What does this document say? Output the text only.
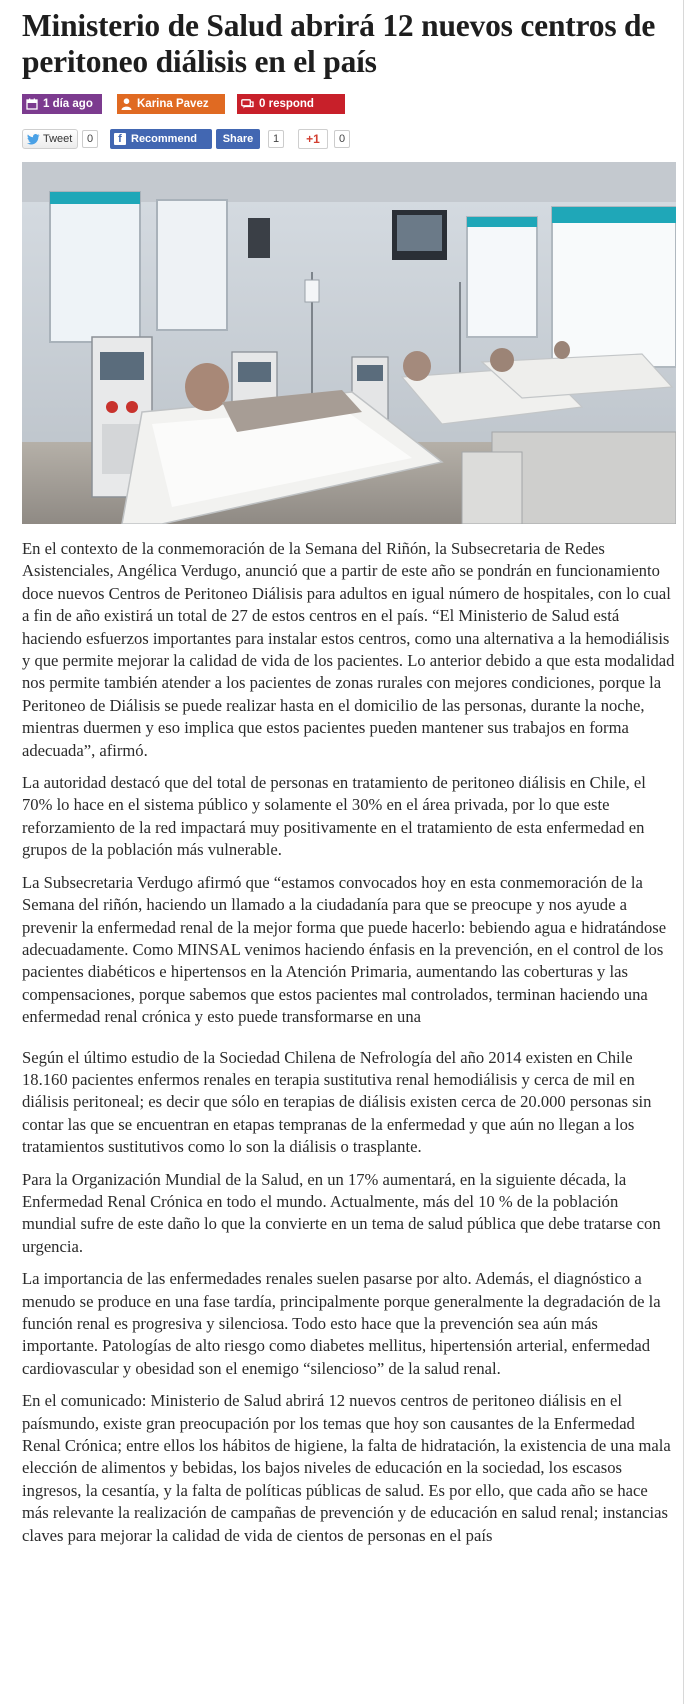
Ministerio de Salud abrirá 12 nuevos centros de peritoneo diálisis en el país
1 día ago	Karina Pavez	0 respond
Tweet	0	f Recommend	Share	1	+1	0

En el contexto de la conmemoración de la Semana del Riñón, la Subsecretaria de Redes Asistenciales, Angélica Verdugo, anunció que a partir de este año se pondrán en funcionamiento doce nuevos Centros de Peritoneo Diálisis para adultos en igual número de hospitales, con lo cual a fin de año existirá un total de 27 de estos centros en el país. “El Ministerio de Salud está haciendo esfuerzos importantes para instalar estos centros, como una alternativa a la hemodiálisis y que permite mejorar la calidad de vida de los pacientes. Lo anterior debido a que esta modalidad nos permite también atender a los pacientes de zonas rurales con mejores condiciones, porque la Peritoneo de Diálisis se puede realizar hasta en el domicilio de las personas, durante la noche, mientras duermen y eso implica que estos pacientes pueden mantener sus trabajos en forma adecuada”, afirmó.

La autoridad destacó que del total de personas en tratamiento de peritoneo diálisis en Chile, el 70% lo hace en el sistema público y solamente el 30% en el área privada, por lo que este reforzamiento de la red impactará muy positivamente en el tratamiento de esta enfermedad en grupos de la población más vulnerable.

La Subsecretaria Verdugo afirmó que “estamos convocados hoy en esta conmemoración de la Semana del riñón, haciendo un llamado a la ciudadanía para que se preocupe y nos ayude a prevenir la enfermedad renal de la mejor forma que puede hacerlo: bebiendo agua e hidratándose adecuadamente. Como MINSAL venimos haciendo énfasis en la prevención, en el control de los pacientes diabéticos e hipertensos en la Atención Primaria, aumentando las coberturas y las compensaciones, porque sabemos que estos pacientes mal controlados, terminan haciendo una enfermedad renal crónica y esto puede transformarse en una

Según el último estudio de la Sociedad Chilena de Nefrología del año 2014 existen en Chile 18.160 pacientes enfermos renales en terapia sustitutiva renal hemodiálisis y cerca de mil en diálisis peritoneal; es decir que sólo en terapias de diálisis existen cerca de 20.000 personas sin contar las que se encuentran en etapas tempranas de la enfermedad y que aún no llegan a los tratamientos sustitutivos como lo son la diálisis o trasplante.

Para la Organización Mundial de la Salud, en un 17% aumentará, en la siguiente década, la Enfermedad Renal Crónica en todo el mundo. Actualmente, más del 10 % de la población mundial sufre de este daño lo que la convierte en un tema de salud pública que debe tratarse con urgencia.

La importancia de las enfermedades renales suelen pasarse por alto. Además, el diagnóstico a menudo se produce en una fase tardía, principalmente porque generalmente la degradación de la función renal es progresiva y silenciosa. Todo esto hace que la prevención sea aún más importante. Patologías de alto riesgo como diabetes mellitus, hipertensión arterial, enfermedad cardiovascular y obesidad son el enemigo “silencioso” de la salud renal.

En el comunicado: Ministerio de Salud abrirá 12 nuevos centros de peritoneo diálisis en el paísmundo, existe gran preocupación por los temas que hoy son causantes de la Enfermedad Renal Crónica; entre ellos los hábitos de higiene, la falta de hidratación, la existencia de una mala elección de alimentos y bebidas, los bajos niveles de educación en la sociedad, los escasos ingresos, la cesantía, y la falta de políticas públicas de salud. Es por ello, que cada año se hace más relevante la realización de campañas de prevención y de educación en salud renal; instancias claves para mejorar la calidad de vida de cientos de personas en el país
